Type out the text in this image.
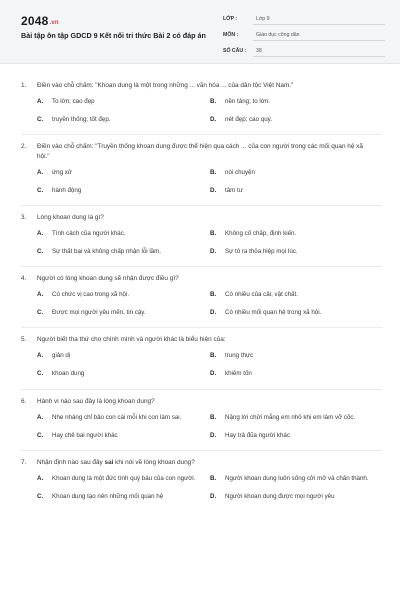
2048.vn
Bài tập ôn tập GDCD 9 Kết nối tri thức Bài 2 có đáp án
LỚP :	Lớp 9
MÔN :	Giáo dục công dân
SỐ CÂU :	38
1.	Điền vào chỗ chấm: "Khoan dung là một trong những ... văn hóa ... của dân tộc Việt Nam."
A.	To lớn; cao đẹp	B.	nền tảng; to lớn.
C.	truyền thống; tốt đẹp.	D.	nét đẹp; cao quý.
2.	Điền vào chỗ chấm: "Truyền thống khoan dung được thể hiện qua cách ... của con người trong các mối quan hệ xã hội."
A.	ứng xử	B.	nói chuyện
C.	hành động	D.	tâm tư
3.	Lòng khoan dung là gì?
A.	Tính cách của người khác.	B.	Không cố chấp, định kiến.
C.	Sự thất bại và không chấp nhận lỗi lầm.	D.	Sự tô ra thỏa hiệp mọi lúc.
4.	Người có lòng khoan dung sẽ nhận được điều gì?
A.	Có chức vị cao trong xã hội.	B.	Có nhiều của cải, vật chất.
C.	Được mọi người yêu mến, tin cậy.	D.	Có nhiều mối quan hệ trong xã hội.
5.	Người biết tha thứ cho chính mình và người khác là biểu hiện của:
A.	giản dị	B.	trung thực
C.	khoan dung	D.	khiêm tốn
6.	Hành vi nào sau đây là lòng khoan dung?
A.	Nhẹ nhàng chỉ bảo con cái mỗi khi con làm sai.	B.	Nặng lời chửi mắng em nhỏ khi em làm vỡ cốc.
C.	Hay chê bai người khác	D.	Hay trả đũa người khác
7.	Nhận định nào sau đây sai khi nói về lòng khoan dung?
A.	Khoan dung là một đức tính quý báu của con người.	B.	Người khoan dung luôn sống cởi mở và chân thành.
C.	Khoan dung tạo nên những mối quan hệ	D.	Người khoan dung được mọi người yêu
